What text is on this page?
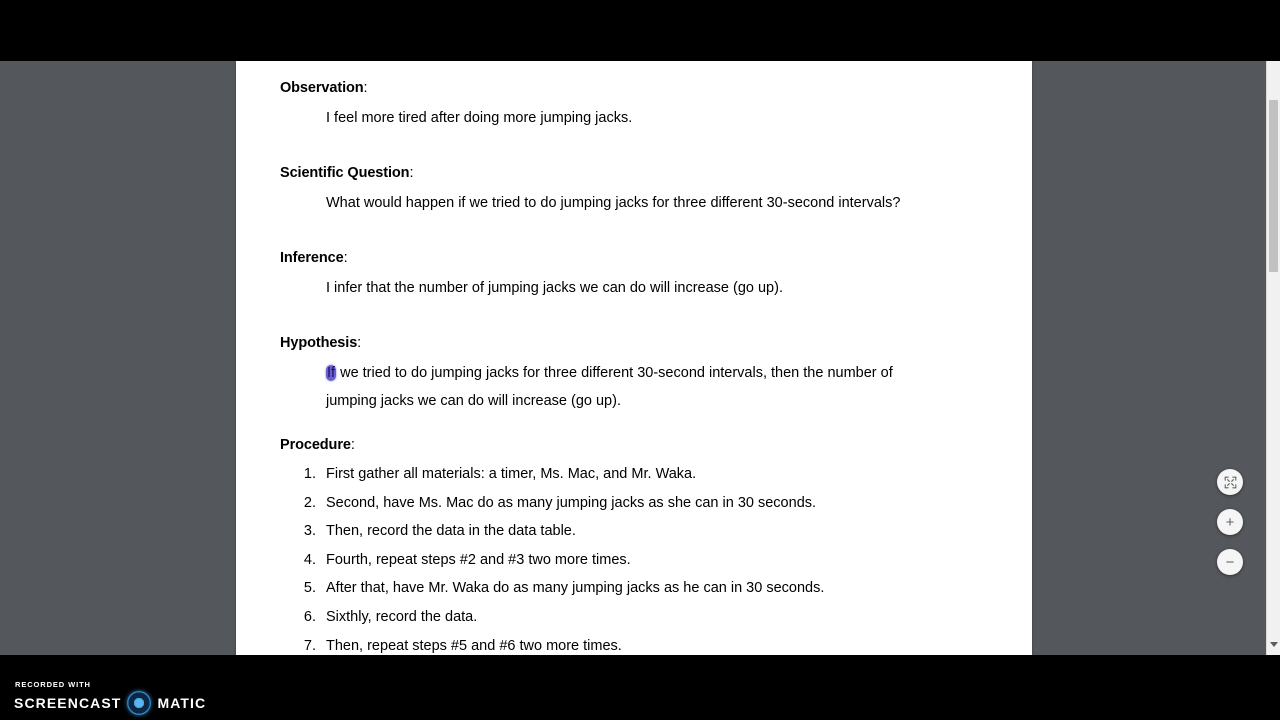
Observation:
I feel more tired after doing more jumping jacks.
Scientific Question:
What would happen if we tried to do jumping jacks for three different 30-second intervals?
Inference:
I infer that the number of jumping jacks we can do will increase (go up).
Hypothesis:
If we tried to do jumping jacks for three different 30-second intervals, then the number of
jumping jacks we can do will increase (go up).
Procedure:
First gather all materials: a timer, Ms. Mac, and Mr. Waka.
Second, have Ms. Mac do as many jumping jacks as she can in 30 seconds.
Then, record the data in the data table.
Fourth, repeat steps #2 and #3 two more times.
After that, have Mr. Waka do as many jumping jacks as he can in 30 seconds.
Sixthly, record the data.
Then, repeat steps #5 and #6 two more times.
+
−
RECORDED WITH
SCREENCAST	MATIC
